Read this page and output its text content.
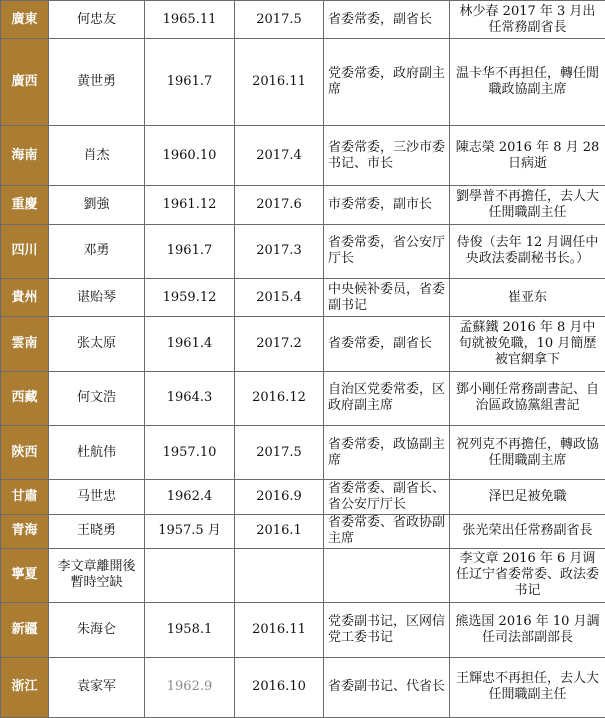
廣東	何忠友	1965.11	2017.5	省委常委，副省长	林少春 2017 年 3 月出任常務副省長
廣西	黄世勇	1961.7	2016.11	党委常委，政府副主席	温卡华不再担任，轉任閒職政協副主席
海南	肖杰	1960.10	2017.4	省委常委，三沙市委书记、市长	陳志榮 2016 年 8 月 28 日病逝
重慶	劉強	1961.12	2017.6	市委常委，副市长	劉學普不再擔任，去人大任閒職副主任
四川	邓勇	1961.7	2017.3	省委常委，省公安厅厅长	侍俊（去年 12 月调任中央政法委副秘书长。）
貴州	谌贻琴	1959.12	2015.4	中央候补委员，省委副书记	崔亚东
雲南	张太原	1961.4	2017.2	省委常委，副省长	孟蘇鐵 2016 年 8 月中旬就被免職，10 月簡歷被官網拿下
西藏	何文浩	1964.3	2016.12	自治区党委常委，区政府副主席	鄧小剛任常務副書記、自治區政協黨組書記
陝西	杜航伟	1957.10	2017.5	省委常委，政協副主席	祝列克不再擔任，轉政協任閒職副主席
甘肅	马世忠	1962.4	2016.9	省委常委、副省长、省公安厅厅长	泽巴足被免職
青海	王晓勇	1957.5 月	2016.1	省委常委、省政协副主席	张光荣出任常務副省長
寧夏	李文章離開後暫時空缺				李文章 2016 年 6 月调任辽宁省委常委、政法委书记
新疆	朱海仑	1958.1	2016.11	党委副书记，区网信党工委书记	熊选国 2016 年 10 月調任司法部副部長
浙江	袁家军	1962.9	2016.10	省委副书记、代省长	王輝忠不再担任，去人大任閒職副主任
